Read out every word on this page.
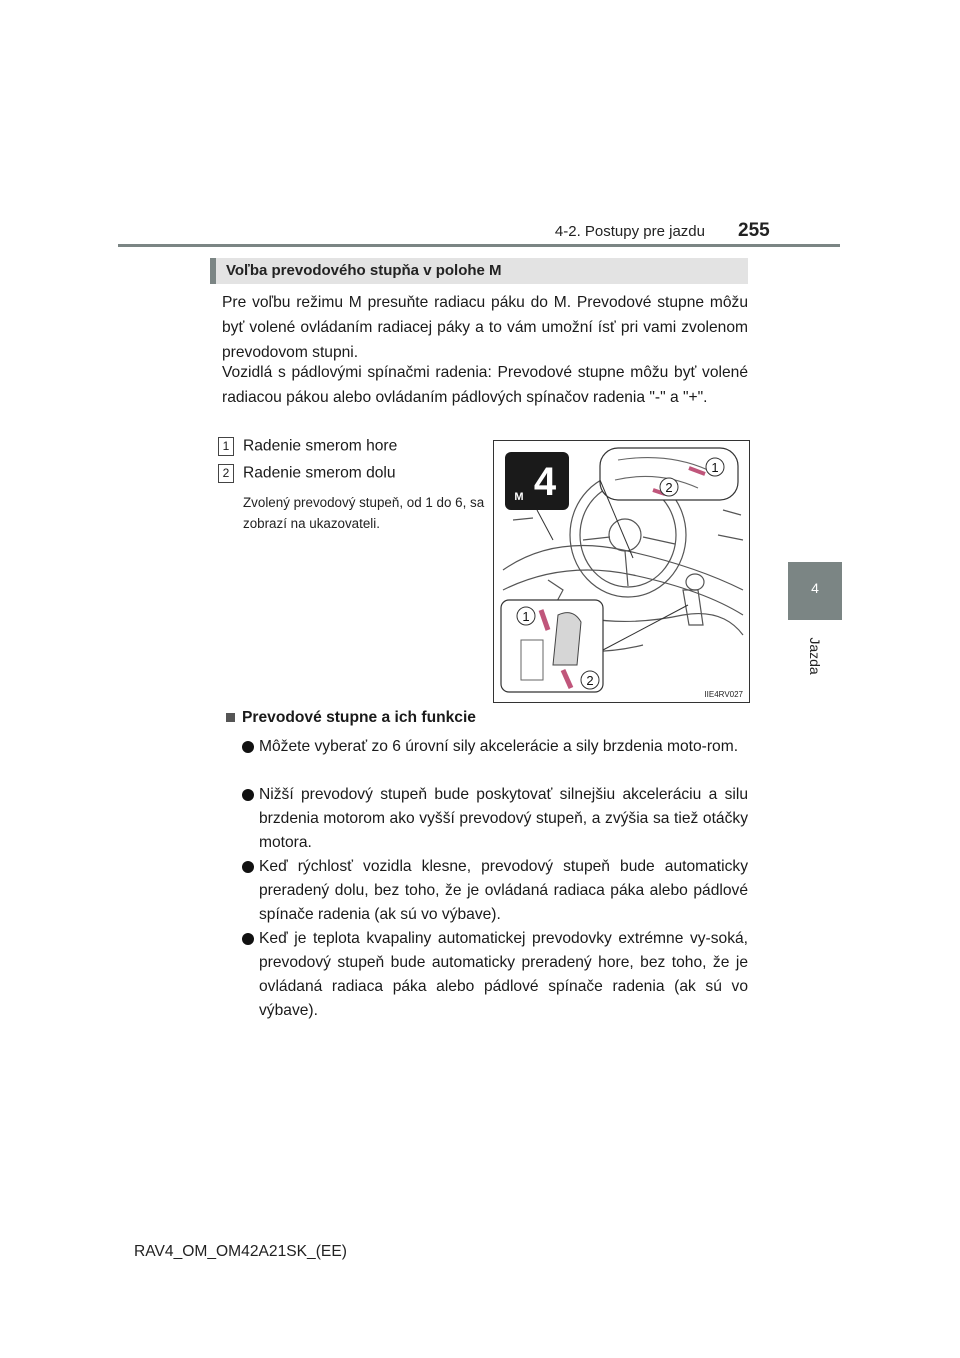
4-2. Postupy pre jazdu 255
4
Jazda
Voľba prevodového stupňa v polohe M
Pre voľbu režimu M presuňte radiacu páku do M. Prevodové stupne môžu byť volené ovládaním radiacej páky a to vám umožní ísť pri vami zvolenom prevodovom stupni.
Vozidlá s pádlovými spínačmi radenia: Prevodové stupne môžu byť volené radiacou pákou alebo ovládaním pádlových spínačov radenia "-" a "+".
1 Radenie smerom hore
2 Radenie smerom dolu
Zvolený prevodový stupeň, od 1 do 6, sa zobrazí na ukazovateli.
4
M
1
2
1
2
IIE4RV027
Prevodové stupne a ich funkcie
Môžete vyberať zo 6 úrovní sily akcelerácie a sily brzdenia moto-rom.
Nižší prevodový stupeň bude poskytovať silnejšiu akceleráciu a silu brzdenia motorom ako vyšší prevodový stupeň, a zvýšia sa tiež otáčky motora.
Keď rýchlosť vozidla klesne, prevodový stupeň bude automaticky preradený dolu, bez toho, že je ovládaná radiaca páka alebo pádlové spínače radenia (ak sú vo výbave).
Keď je teplota kvapaliny automatickej prevodovky extrémne vy-soká, prevodový stupeň bude automaticky preradený hore, bez toho, že je ovládaná radiaca páka alebo pádlové spínače radenia (ak sú vo výbave).
RAV4_OM_OM42A21SK_(EE)
